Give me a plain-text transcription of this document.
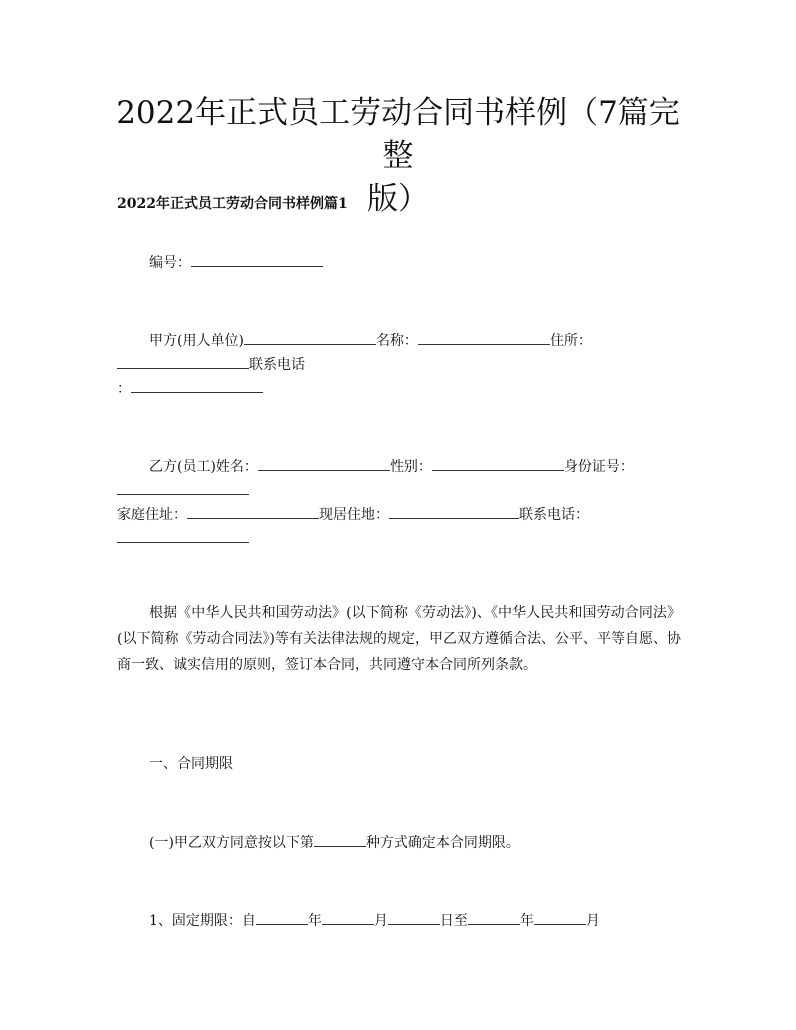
2022年正式员工劳动合同书样例（7篇完整
版）

2022年正式员工劳动合同书样例篇1

编号：
甲方(用人单位)	名称：	住所：
联系电话
：
乙方(员工)姓名：	性别：	身份证号：
家庭住址：	现居住地：	联系电话：

根据《中华人民共和国劳动法》(以下简称《劳动法》)、《中华人民共和国劳动合同法》(以下简称《劳动合同法》)等有关法律法规的规定，甲乙双方遵循合法、公平、平等自愿、协商一致、诚实信用的原则，签订本合同，共同遵守本合同所列条款。

一、合同期限
(一)甲乙双方同意按以下第	种方式确定本合同期限。
1、固定期限：自	年	月	日至	年	月
